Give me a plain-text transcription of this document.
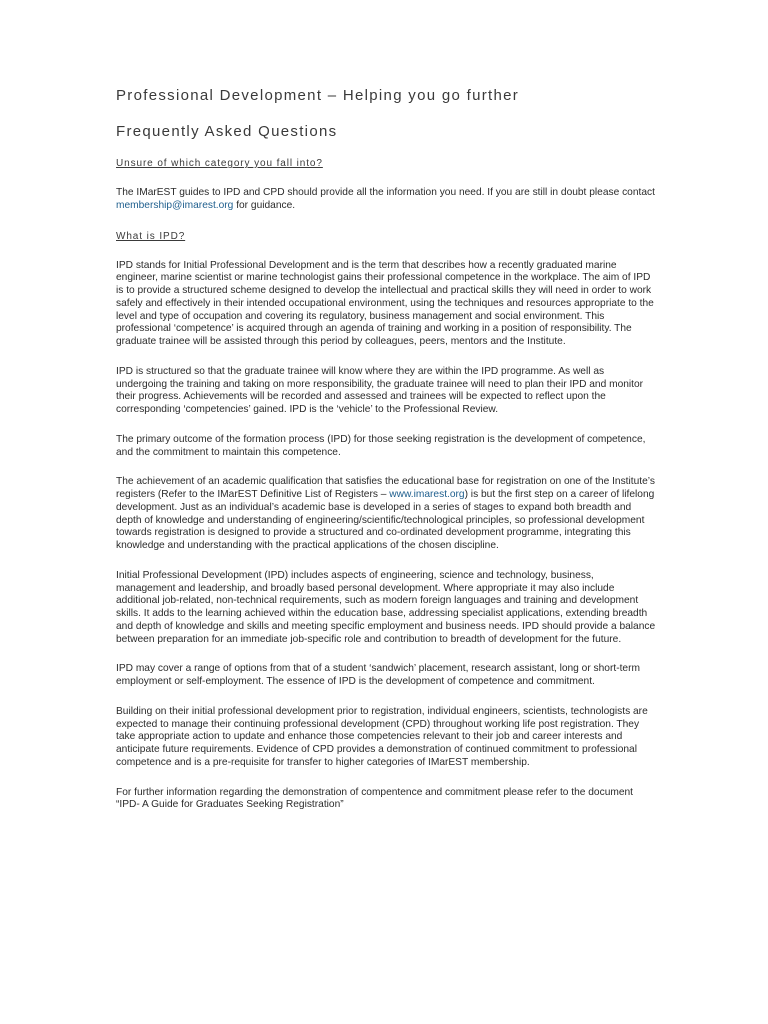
Professional Development – Helping you go further
Frequently Asked Questions
Unsure of which category you fall into?

The IMarEST guides to IPD and CPD should provide all the information you need. If you are still in doubt please contact membership@imarest.org for guidance.

What is IPD?

IPD stands for Initial Professional Development and is the term that describes how a recently graduated marine engineer, marine scientist or marine technologist gains their professional competence in the workplace. The aim of IPD is to provide a structured scheme designed to develop the intellectual and practical skills they will need in order to work safely and effectively in their intended occupational environment, using the techniques and resources appropriate to the level and type of occupation and covering its regulatory, business management and social environment. This professional ‘competence’ is acquired through an agenda of training and working in a position of responsibility. The graduate trainee will be assisted through this period by colleagues, peers, mentors and the Institute.

IPD is structured so that the graduate trainee will know where they are within the IPD programme. As well as undergoing the training and taking on more responsibility, the graduate trainee will need to plan their IPD and monitor their progress. Achievements will be recorded and assessed and trainees will be expected to reflect upon the corresponding ‘competencies’ gained. IPD is the ‘vehicle’ to the Professional Review.

The primary outcome of the formation process (IPD) for those seeking registration is the development of competence, and the commitment to maintain this competence.

The achievement of an academic qualification that satisfies the educational base for registration on one of the Institute’s registers (Refer to the IMarEST Definitive List of Registers – www.imarest.org) is but the first step on a career of lifelong development. Just as an individual’s academic base is developed in a series of stages to expand both breadth and depth of knowledge and understanding of engineering/scientific/technological principles, so professional development towards registration is designed to provide a structured and co-ordinated development programme, integrating this knowledge and understanding with the practical applications of the chosen discipline.

Initial Professional Development (IPD) includes aspects of engineering, science and technology, business, management and leadership, and broadly based personal development. Where appropriate it may also include additional job-related, non-technical requirements, such as modern foreign languages and training and development skills. It adds to the learning achieved within the education base, addressing specialist applications, extending breadth and depth of knowledge and skills and meeting specific employment and business needs. IPD should provide a balance between preparation for an immediate job-specific role and contribution to breadth of development for the future.

IPD may cover a range of options from that of a student ‘sandwich’ placement, research assistant, long or short-term employment or self-employment. The essence of IPD is the development of competence and commitment.

Building on their initial professional development prior to registration, individual engineers, scientists, technologists are expected to manage their continuing professional development (CPD) throughout working life post registration. They take appropriate action to update and enhance those competencies relevant to their job and career interests and anticipate future requirements. Evidence of CPD provides a demonstration of continued commitment to professional competence and is a pre-requisite for transfer to higher categories of IMarEST membership.

For further information regarding the demonstration of compentence and commitment please refer to the document “IPD- A Guide for Graduates Seeking Registration”
